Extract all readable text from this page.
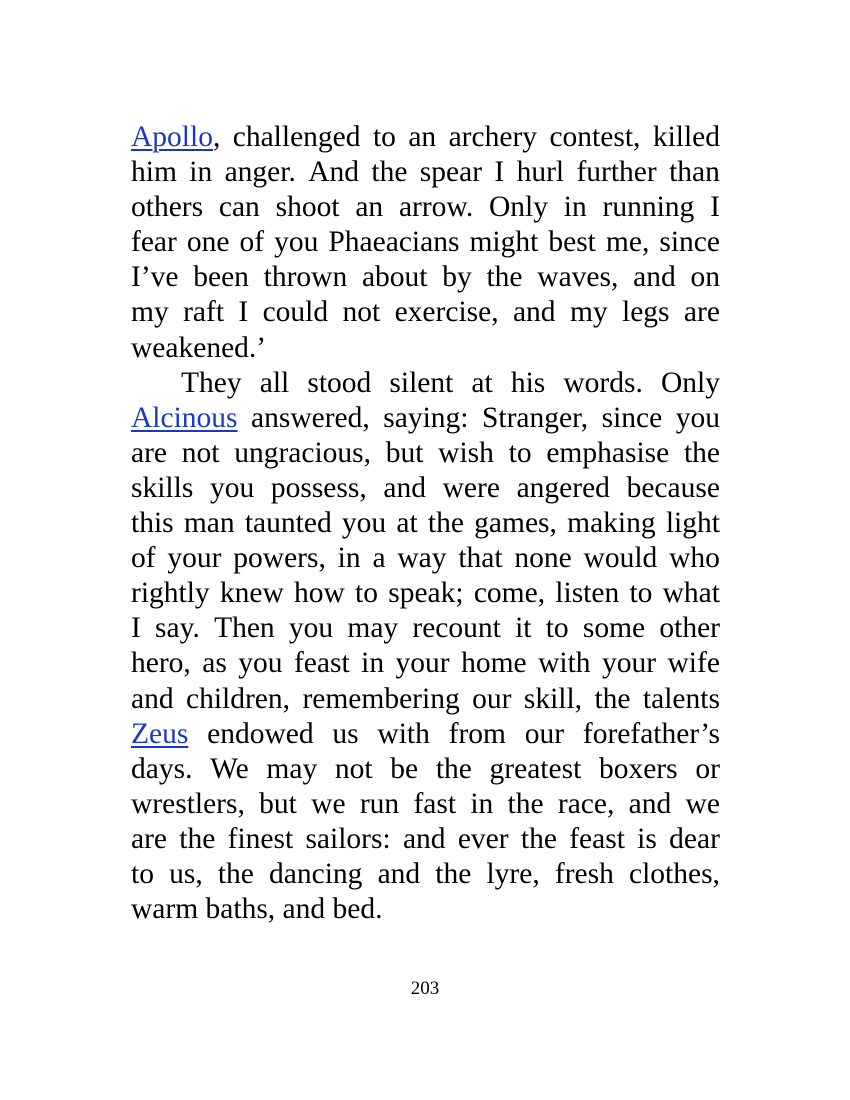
Apollo, challenged to an archery contest, killed
him in anger. And the spear I hurl further than
others can shoot an arrow. Only in running I
fear one of you Phaeacians might best me, since
I’ve been thrown about by the waves, and on
my raft I could not exercise, and my legs are
weakened.’
They all stood silent at his words. Only
Alcinous answered, saying: Stranger, since you
are not ungracious, but wish to emphasise the
skills you possess, and were angered because
this man taunted you at the games, making light
of your powers, in a way that none would who
rightly knew how to speak; come, listen to what
I say. Then you may recount it to some other
hero, as you feast in your home with your wife
and children, remembering our skill, the talents
Zeus endowed us with from our forefather’s
days. We may not be the greatest boxers or
wrestlers, but we run fast in the race, and we
are the finest sailors: and ever the feast is dear
to us, the dancing and the lyre, fresh clothes,
warm baths, and bed.
203
